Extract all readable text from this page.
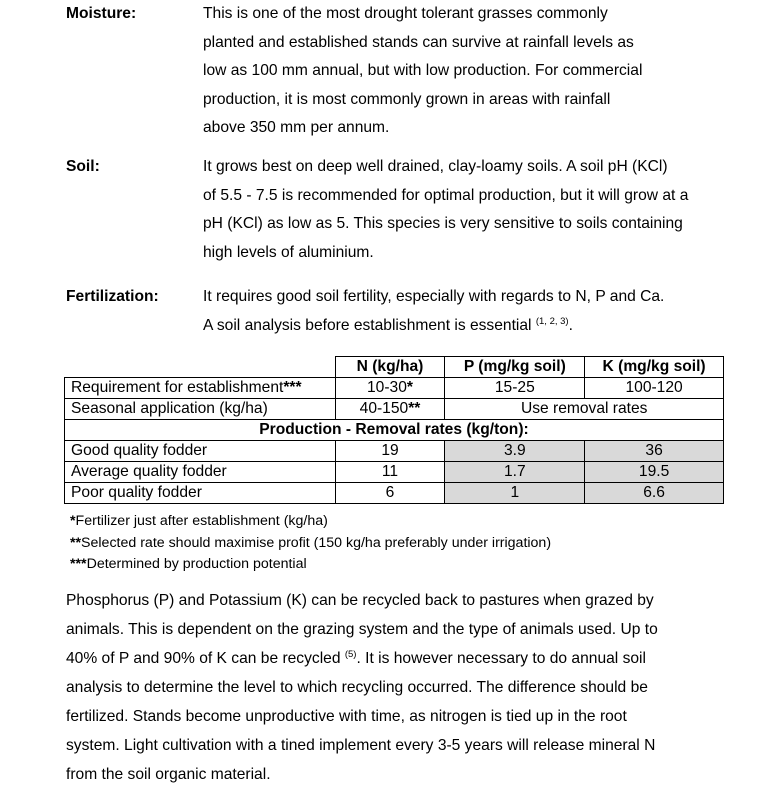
Moisture:	This is one of the most drought tolerant grasses commonly
planted and established stands can survive at rainfall levels as
low as 100 mm annual, but with low production. For commercial
production, it is most commonly grown in areas with rainfall
above 350 mm per annum.
Soil:	It grows best on deep well drained, clay-loamy soils. A soil pH (KCl)
of 5.5 - 7.5 is recommended for optimal production, but it will grow at a
pH (KCl) as low as 5. This species is very sensitive to soils containing
high levels of aluminium.
Fertilization:	It requires good soil fertility, especially with regards to N, P and Ca.
A soil analysis before establishment is essential $^{(1, 2, 3)}$.
	N (kg/ha)	P (mg/kg soil)	K (mg/kg soil)
Requirement for establishment***	10-30*	15-25	100-120
Seasonal application (kg/ha)	40-150**	Use removal rates	
Production - Removal rates (kg/ton):			
Good quality fodder	19	3.9	36
Average quality fodder	11	1.7	19.5
Poor quality fodder	6	1	6.6
*Fertilizer just after establishment (kg/ha)
**Selected rate should maximise profit (150 kg/ha preferably under irrigation)
***Determined by production potential
Phosphorus (P) and Potassium (K) can be recycled back to pastures when grazed by
animals. This is dependent on the grazing system and the type of animals used. Up to
40% of P and 90% of K can be recycled $^{(5)}$. It is however necessary to do annual soil
analysis to determine the level to which recycling occurred. The difference should be
fertilized. Stands become unproductive with time, as nitrogen is tied up in the root
system. Light cultivation with a tined implement every 3-5 years will release mineral N
from the soil organic material.
